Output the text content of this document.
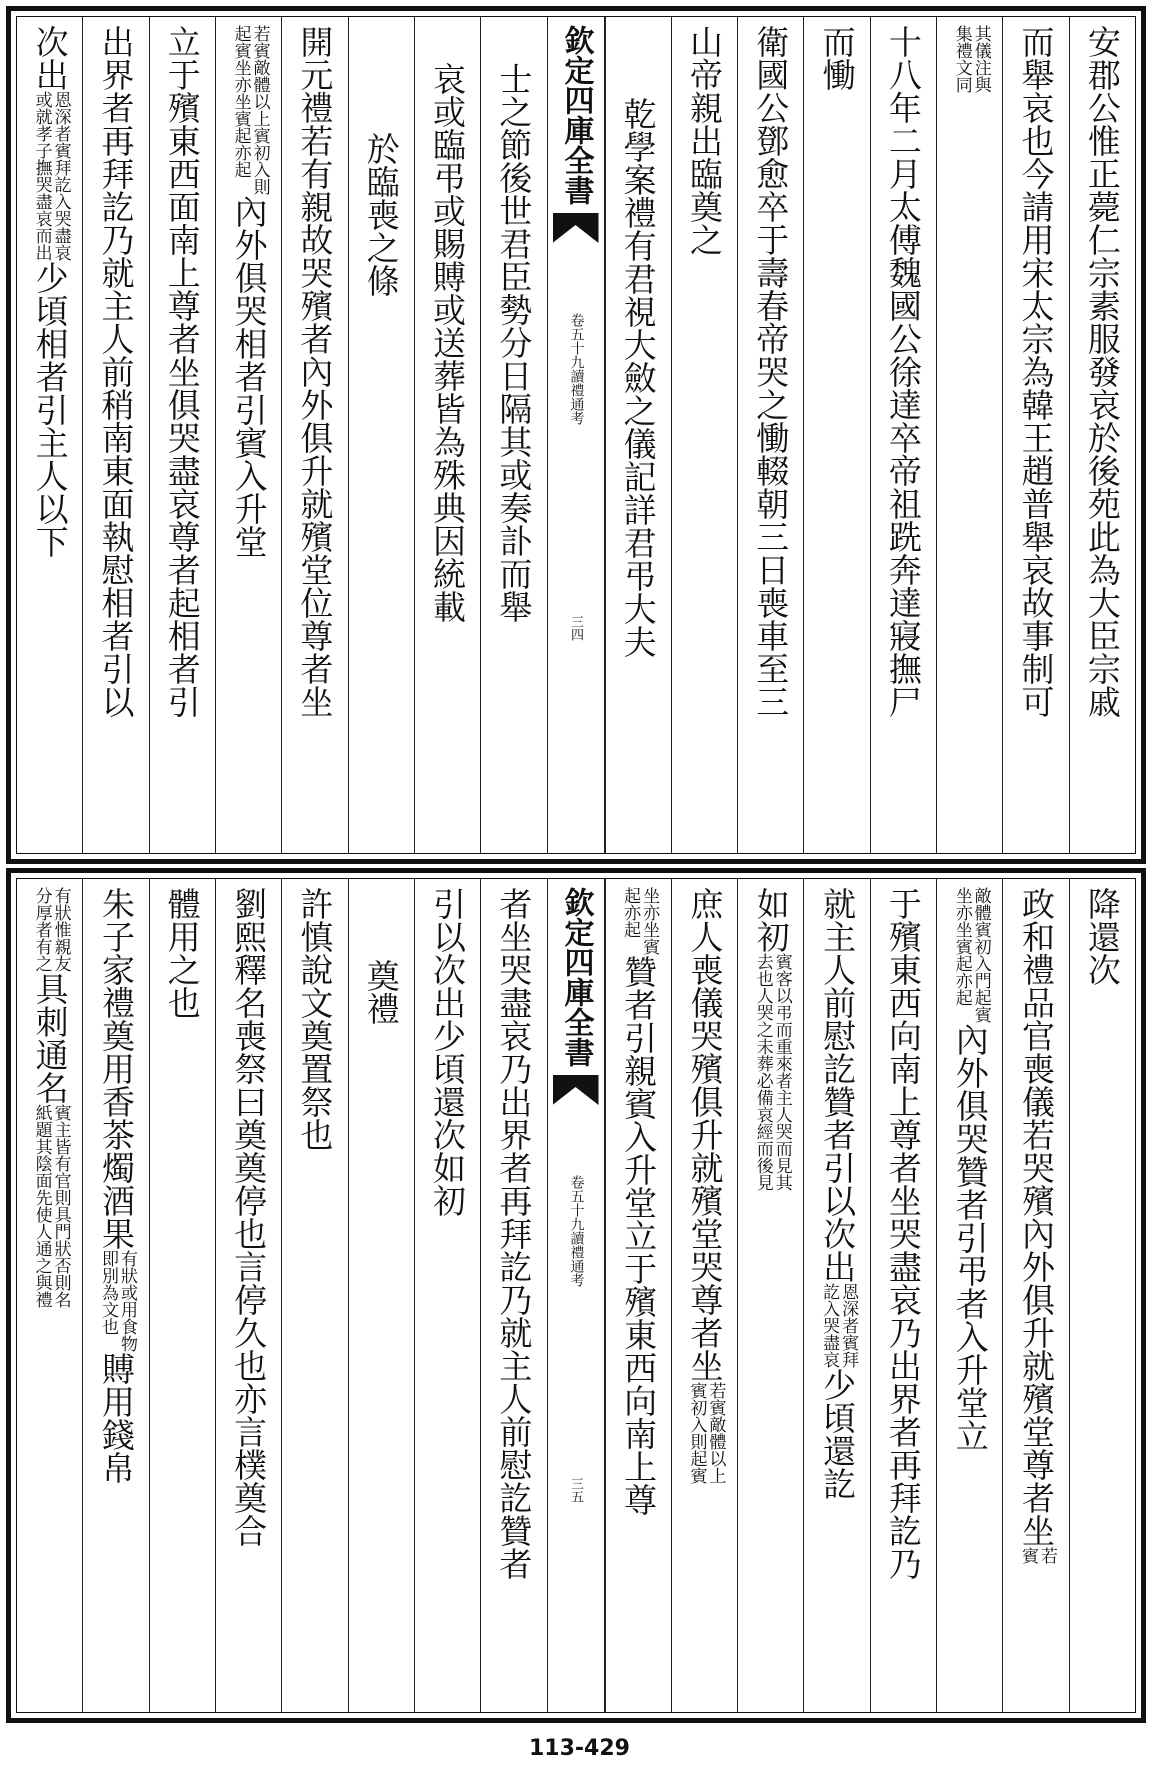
安郡公惟正薨仁宗素服發哀於後苑此為大臣宗戚
而舉哀也今請用宋太宗為韓王趙普舉哀故事制可
其儀注與
集禮文同
十八年二月太傅魏國公徐達卒帝祖跣奔達寢撫尸
而慟
衛國公鄧愈卒于壽春帝哭之慟輟朝三日喪車至三
山帝親出臨奠之
乾學案禮有君視大斂之儀記詳君弔大夫
欽定四庫全書
讀禮通考
卷五十九
三四
士之節後世君臣勢分日隔其或奏訃而舉
哀或臨弔或賜賻或送葬皆為殊典因統載
於臨喪之條
開元禮若有親故哭殯者內外俱升就殯堂位尊者坐
若賓敵體以上賓初入則
起賓坐亦坐賓起亦起
內外俱哭相者引賓入升堂
立于殯東西面南上尊者坐俱哭盡哀尊者起相者引
出界者再拜訖乃就主人前稍南東面執慰相者引以
次出
恩深者賓拜訖入哭盡哀
或就孝子撫哭盡哀而出
少頃相者引主人以下
降還次
政和禮品官喪儀若哭殯內外俱升就殯堂尊者坐
若
賓
敵體賓初入門起賓
坐亦坐賓起亦起
內外俱哭贊者引弔者入升堂立
于殯東西向南上尊者坐哭盡哀乃出界者再拜訖乃
就主人前慰訖贊者引以次出
恩深者賓拜
訖入哭盡哀
少頃還訖
如初
賓客以弔而重來者主人哭而見其
去也人哭之未葬必備哀經而後見
庶人喪儀哭殯俱升就殯堂哭尊者坐
若賓敵體以上
賓初入則起賓
坐亦坐賓
起亦起
贊者引親賓入升堂立于殯東西向南上尊
欽定四庫全書
讀禮通考
卷五十九
三五
者坐哭盡哀乃出界者再拜訖乃就主人前慰訖贊者
引以次出少頃還次如初
奠禮
許慎說文奠置祭也
劉熙釋名喪祭曰奠奠停也言停久也亦言樸奠合
體用之也
朱子家禮奠用香茶燭酒果
有狀或用食物
即別為文也
賻用錢帛
有狀惟親友
分厚者有之
具刺通名
賓主皆有官則具門狀否則名
紙題其陰面先使人通之與禮
113-429
